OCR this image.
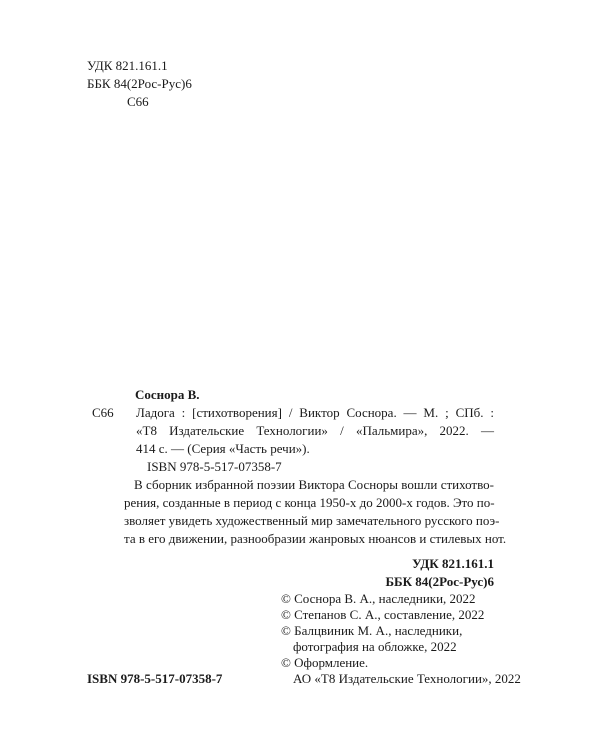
УДК 821.161.1
ББК 84(2Рос-Рус)6
С66
Соснора В.
С66 Ладога : [стихотворения] / Виктор Соснора. — М. ; СПб. :
«Т8 Издательские Технологии» / «Пальмира», 2022. —
414 с. — (Серия «Часть речи»).
ISBN 978-5-517-07358-7
В сборник избранной поэзии Виктора Сосноры вошли стихотво-
рения, созданные в период с конца 1950-х до 2000-х годов. Это по-
зволяет увидеть художественный мир замечательного русского поэ-
та в его движении, разнообразии жанровых нюансов и стилевых нот.
УДК 821.161.1
ББК 84(2Рос-Рус)6
© Соснора В. А., наследники, 2022
© Степанов С. А., составление, 2022
© Балцвиник М. А., наследники,
фотография на обложке, 2022
© Оформление.
АО «Т8 Издательские Технологии», 2022
ISBN 978-5-517-07358-7
